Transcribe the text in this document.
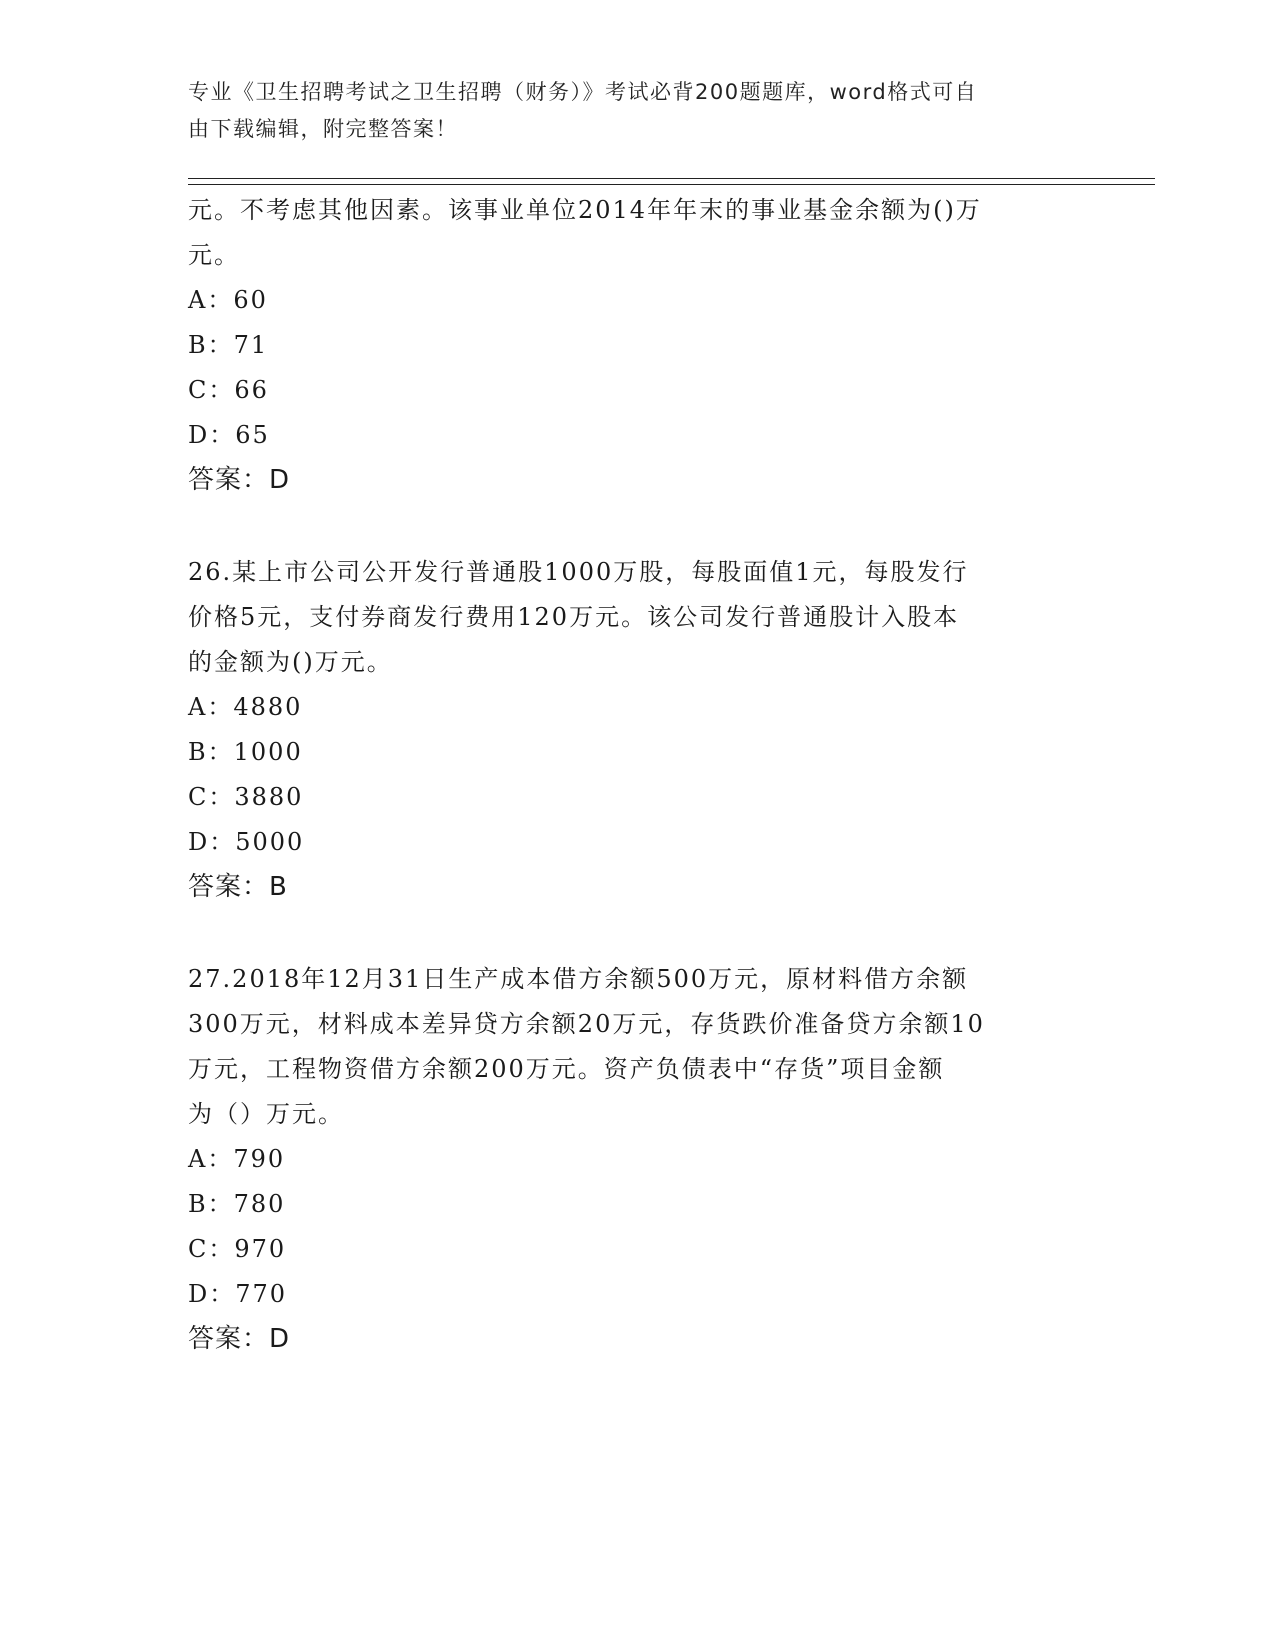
专业《卫生招聘考试之卫生招聘（财务）》考试必背200题题库，word格式可自
由下载编辑，附完整答案！
元。不考虑其他因素。该事业单位2014年年末的事业基金余额为()万
元。
A：60
B：71
C：66
D：65
答案：D
26.某上市公司公开发行普通股1000万股，每股面值1元，每股发行
价格5元，支付券商发行费用120万元。该公司发行普通股计入股本
的金额为()万元。
A：4880
B：1000
C：3880
D：5000
答案：B
27.2018年12月31日生产成本借方余额500万元，原材料借方余额
300万元，材料成本差异贷方余额20万元，存货跌价准备贷方余额10
万元，工程物资借方余额200万元。资产负债表中“存货”项目金额
为（）万元。
A：790
B：780
C：970
D：770
答案：D
